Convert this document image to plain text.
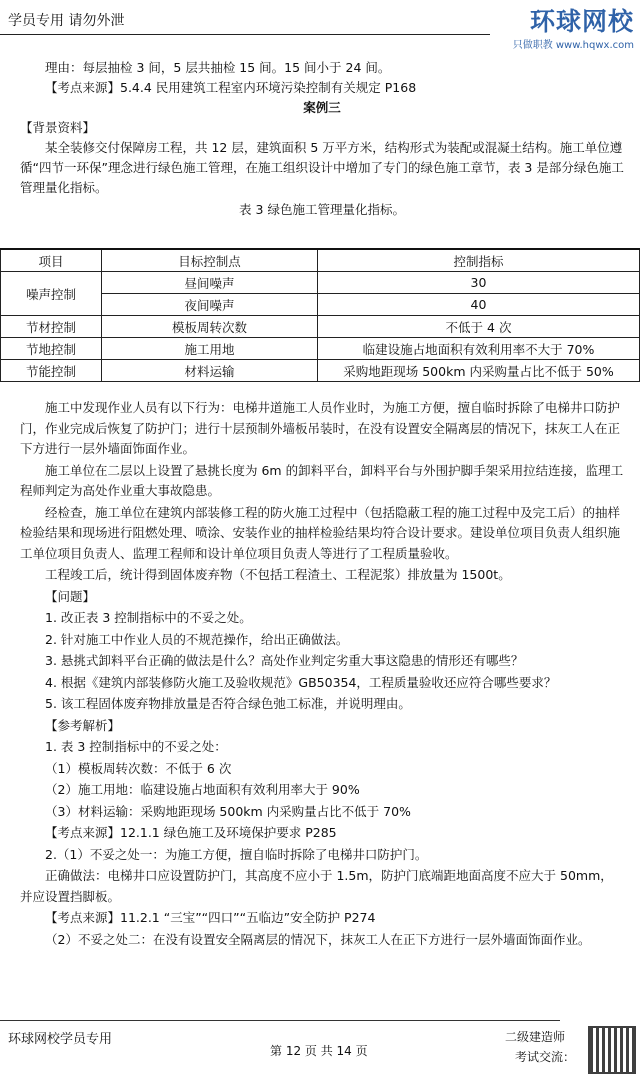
学员专用 请勿外泄	环球网校
只做职教 www.hqwx.com

理由：每层抽检 3 间，5 层共抽检 15 间。15 间小于 24 间。

【考点来源】5.4.4 民用建筑工程室内环境污染控制有关规定 P168

案例三

【背景资料】

某全装修交付保障房工程，共 12 层，建筑面积 5 万平方米，结构形式为装配或混凝土结构。施工单位遵循“四节一环保”理念进行绿色施工管理，在施工组织设计中增加了专门的绿色施工章节，表 3 是部分绿色施工管理量化指标。

表 3 绿色施工管理量化指标。

项目	目标控制点	控制指标
噪声控制	昼间噪声	30
	夜间噪声	40
节材控制	模板周转次数	不低于 4 次
节地控制	施工用地	临建设施占地面积有效利用率不大于 70%
节能控制	材料运输	采购地距现场 500km 内采购量占比不低于 50%

施工中发现作业人员有以下行为：电梯井道施工人员作业时，为施工方便，擅自临时拆除了电梯井口防护门，作业完成后恢复了防护门；进行十层预制外墙板吊装时，在没有设置安全隔离层的情况下，抹灰工人在正下方进行一层外墙面饰面作业。

施工单位在二层以上设置了悬挑长度为 6m 的卸料平台，卸料平台与外围护脚手架采用拉结连接，监理工程师判定为高处作业重大事故隐患。

经检查，施工单位在建筑内部装修工程的防火施工过程中（包括隐蔽工程的施工过程中及完工后）的抽样检验结果和现场进行阻燃处理、喷涂、安装作业的抽样检验结果均符合设计要求。建设单位项目负责人组织施工单位项目负责人、监理工程师和设计单位项目负责人等进行了工程质量验收。

工程竣工后，统计得到固体废弃物（不包括工程渣土、工程泥浆）排放量为 1500t。

【问题】

1. 改正表 3 控制指标中的不妥之处。

2. 针对施工中作业人员的不规范操作，给出正确做法。

3. 悬挑式卸料平台正确的做法是什么？高处作业判定劣重大事这隐患的情形还有哪些？

4. 根据《建筑内部装修防火施工及验收规范》GB50354，工程质量验收还应符合哪些要求？

5. 该工程固体废弃物排放量是否符合绿色弛工标准，并说明理由。

【参考解析】

1. 表 3 控制指标中的不妥之处：

（1）模板周转次数：不低于 6 次

（2）施工用地：临建设施占地面积有效利用率大于 90%

（3）材料运输：采购地距现场 500km 内采购量占比不低于 70%

【考点来源】12.1.1 绿色施工及环境保护要求 P285

2.（1）不妥之处一：为施工方便，擅自临时拆除了电梯井口防护门。

正确做法：电梯井口应设置防护门，其高度不应小于 1.5m，防护门底端距地面高度不应大于 50mm，并应设置挡脚板。

【考点来源】11.2.1 “三宝”“四口”“五临边”安全防护 P274

（2）不妥之处二：在没有设置安全隔离层的情况下，抹灰工人在正下方进行一层外墙面饰面作业。

环球网校学员专用
第 12 页 共 14 页
二级建造师
考试交流：
